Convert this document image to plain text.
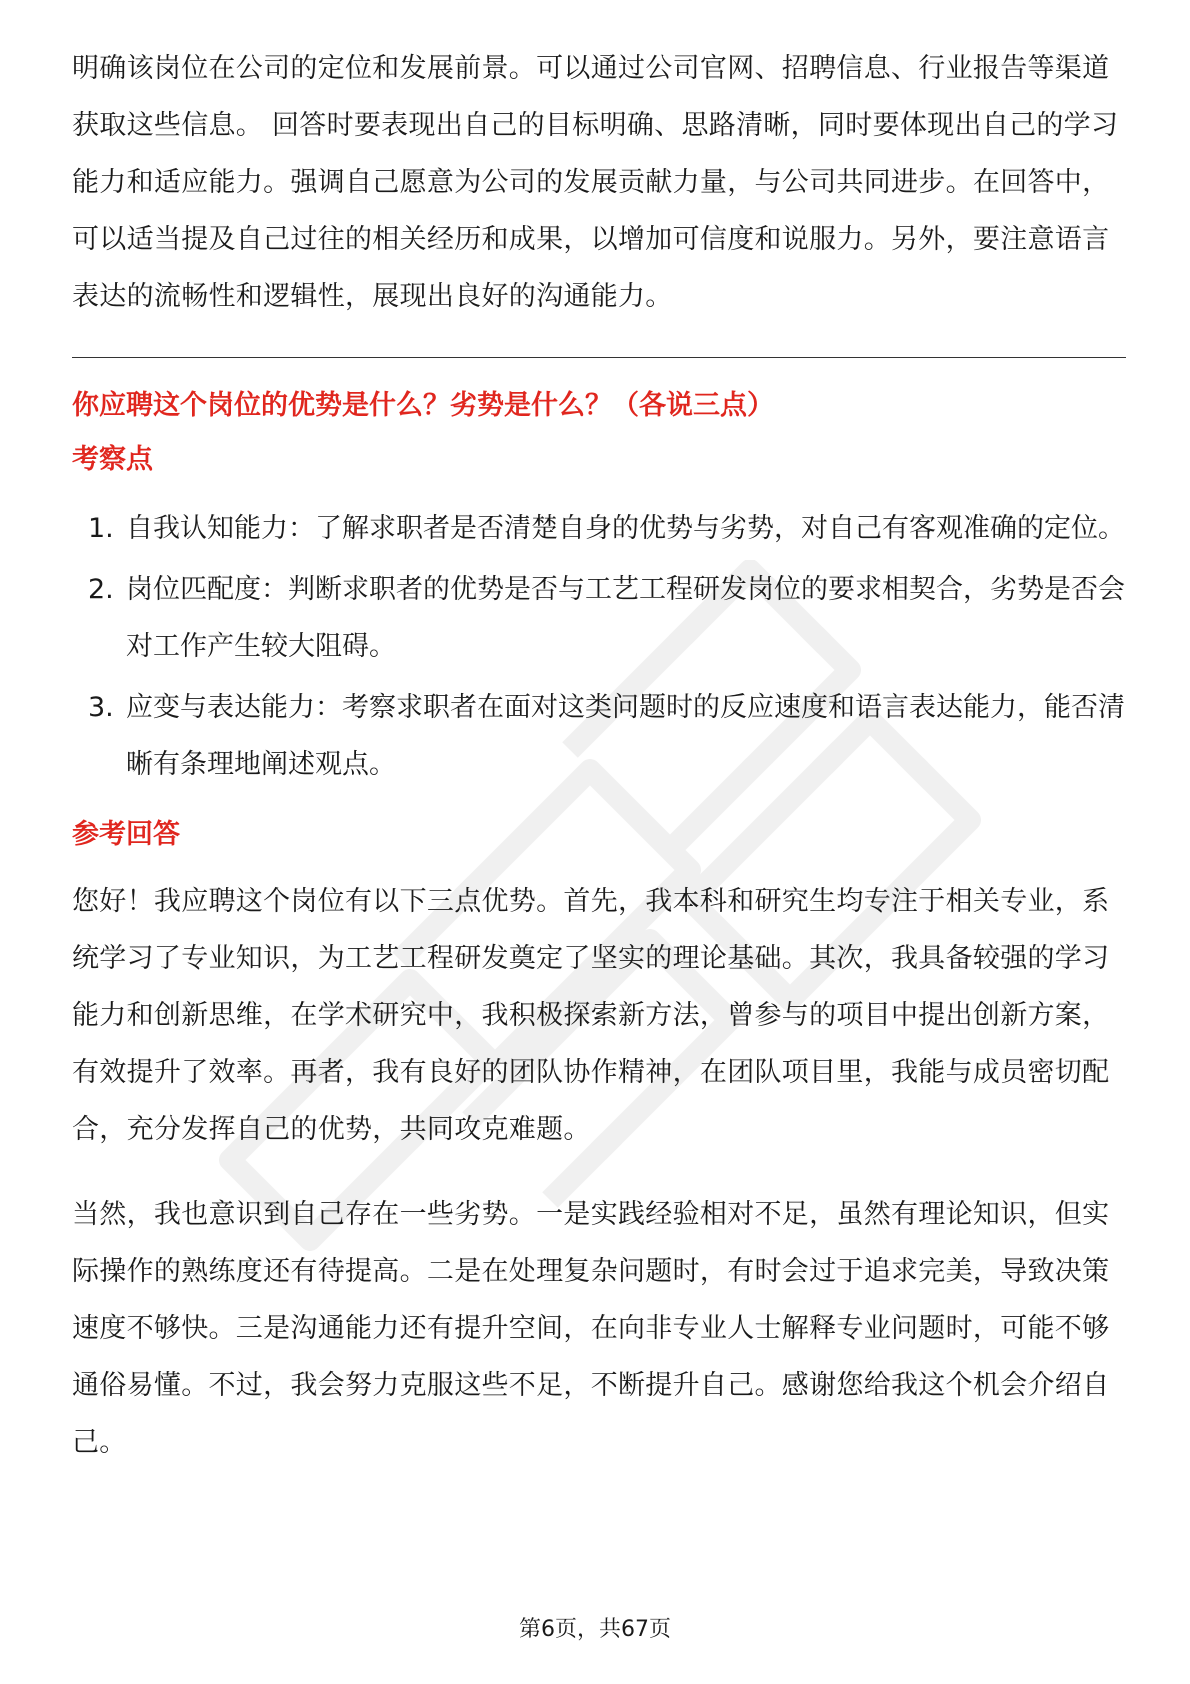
明确该岗位在公司的定位和发展前景。可以通过公司官网、招聘信息、行业报告等渠道获取这些信息。 回答时要表现出自己的目标明确、思路清晰，同时要体现出自己的学习能力和适应能力。强调自己愿意为公司的发展贡献力量，与公司共同进步。在回答中，可以适当提及自己过往的相关经历和成果，以增加可信度和说服力。另外，要注意语言表达的流畅性和逻辑性，展现出良好的沟通能力。

你应聘这个岗位的优势是什么？劣势是什么？（各说三点）
考察点
1. 自我认知能力：了解求职者是否清楚自身的优势与劣势，对自己有客观准确的定位。
2. 岗位匹配度：判断求职者的优势是否与工艺工程研发岗位的要求相契合，劣势是否会对工作产生较大阻碍。
3. 应变与表达能力：考察求职者在面对这类问题时的反应速度和语言表达能力，能否清晰有条理地阐述观点。
参考回答

您好！我应聘这个岗位有以下三点优势。首先，我本科和研究生均专注于相关专业，系统学习了专业知识，为工艺工程研发奠定了坚实的理论基础。其次，我具备较强的学习能力和创新思维，在学术研究中，我积极探索新方法，曾参与的项目中提出创新方案，有效提升了效率。再者，我有良好的团队协作精神，在团队项目里，我能与成员密切配合，充分发挥自己的优势，共同攻克难题。

当然，我也意识到自己存在一些劣势。一是实践经验相对不足，虽然有理论知识，但实际操作的熟练度还有待提高。二是在处理复杂问题时，有时会过于追求完美，导致决策速度不够快。三是沟通能力还有提升空间，在向非专业人士解释专业问题时，可能不够通俗易懂。不过，我会努力克服这些不足，不断提升自己。感谢您给我这个机会介绍自己。

第6页，共67页
